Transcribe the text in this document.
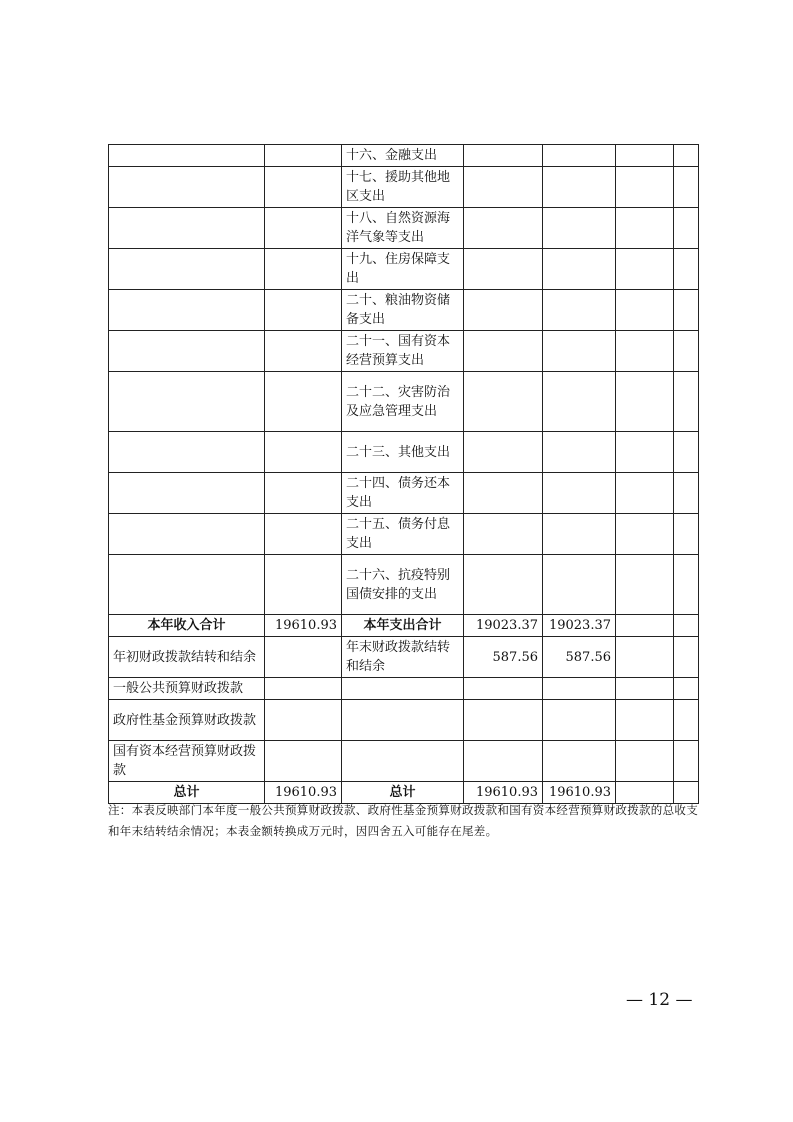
		十六、金融支出				
		十七、援助其他地区支出				
		十八、自然资源海洋气象等支出				
		十九、住房保障支出				
		二十、粮油物资储备支出				
		二十一、国有资本经营预算支出				
		二十二、灾害防治及应急管理支出				
		二十三、其他支出				
		二十四、债务还本支出				
		二十五、债务付息支出				
		二十六、抗疫特别国债安排的支出				
本年收入合计	19610.93	本年支出合计	19023.37	19023.37		
年初财政拨款结转和结余		年末财政拨款结转和结余	587.56	587.56		
一般公共预算财政拨款						
政府性基金预算财政拨款						
国有资本经营预算财政拨款						
总计	19610.93	总计	19610.93	19610.93		
注：本表反映部门本年度一般公共预算财政拨款、政府性基金预算财政拨款和国有资本经营预算财政拨款的总收支和年末结转结余情况；本表金额转换成万元时，因四舍五入可能存在尾差。
— 12 —
